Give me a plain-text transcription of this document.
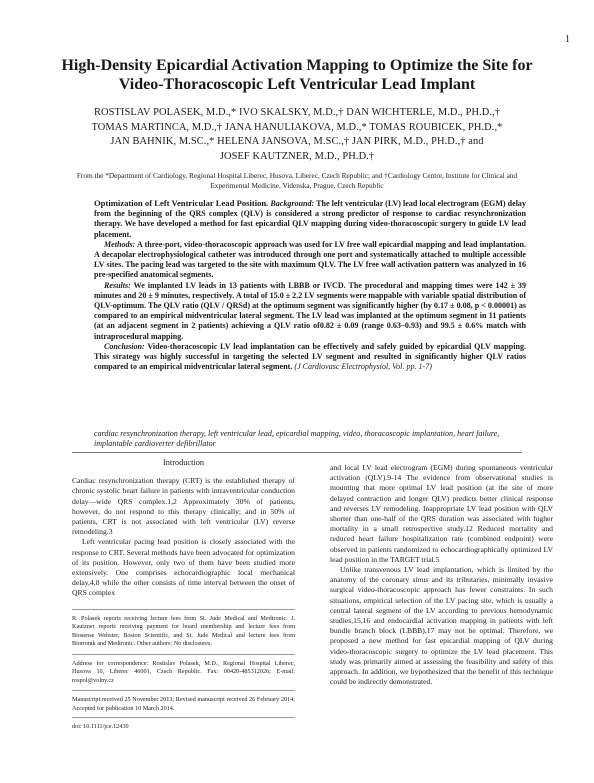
1
High-Density Epicardial Activation Mapping to Optimize the Site for Video-Thoracoscopic Left Ventricular Lead Implant
ROSTISLAV POLASEK, M.D.,* IVO SKALSKY, M.D.,† DAN WICHTERLE, M.D., PH.D.,†
TOMAS MARTINCA, M.D.,† JANA HANULIAKOVA, M.D.,* TOMAS ROUBICEK, PH.D.,*
JAN BAHNIK, M.SC.,* HELENA JANSOVA, M.SC.,† JAN PIRK, M.D., PH.D.,† and
JOSEF KAUTZNER, M.D., PH.D.†
From the *Department of Cardiology, Regional Hospital Liberec, Husova, Liberec, Czech Republic; and †Cardiology Centre, Institute for Clinical and Experimental Medicine, Videnska, Prague, Czech Republic

Optimization of Left Ventricular Lead Position. Background: The left ventricular (LV) lead local electrogram (EGM) delay from the beginning of the QRS complex (QLV) is considered a strong predictor of response to cardiac resynchronization therapy. We have developed a method for fast epicardial QLV mapping during video-thoracoscopic surgery to guide LV lead placement.

Methods: A three-port, video-thoracoscopic approach was used for LV free wall epicardial mapping and lead implantation. A decapolar electrophysiological catheter was introduced through one port and systematically attached to multiple accessible LV sites. The pacing lead was targeted to the site with maximum QLV. The LV free wall activation pattern was analyzed in 16 pre-specified anatomical segments.

Results: We implanted LV leads in 13 patients with LBBB or IVCD. The procedural and mapping times were 142 ± 39 minutes and 20 ± 9 minutes, respectively. A total of 15.0 ± 2.2 LV segments were mappable with variable spatial distribution of QLV-optimum. The QLV ratio (QLV / QRSd) at the optimum segment was significantly higher (by 0.17 ± 0.08, p < 0.00001) as compared to an empirical midventricular lateral segment. The LV lead was implanted at the optimum segment in 11 patients (at an adjacent segment in 2 patients) achieving a QLV ratio of0.82 ± 0.09 (range 0.63–0.93) and 99.5 ± 0.6% match with intraprocedural mapping.

Conclusion: Video-thoracoscopic LV lead implantation can be effectively and safely guided by epicardial QLV mapping. This strategy was highly successful in targeting the selected LV segment and resulted in significantly higher QLV ratios compared to an empirical midventricular lateral segment. (J Cardiovasc Electrophysiol, Vol. pp. 1-7)

cardiac resynchronization therapy, left ventricular lead, epicardial mapping, video, thoracoscopic implantation, heart failure, implantable cardioverter defibrillator
Introduction

Cardiac resynchronization therapy (CRT) is the established therapy of chronic systolic heart failure in patients with intraventricular conduction delay—wide QRS complex.1,2 Approximately 30% of patients, however, do not respond to this therapy clinically; and in 50% of patients, CRT is not associated with left ventricular (LV) reverse remodeling.3

Left ventricular pacing lead position is closely associated with the response to CRT. Several methods have been advocated for optimization of its position. However, only two of them have been studied more extensively. One comprises echocardiographic local mechanical delay,4,8 while the other consists of time interval between the onset of QRS complex

R. Polasek reports receiving lecture fees from St. Jude Medical and Medtronic. J. Kautzner reports receiving payment for board membership and lecture fees from Biosense Webster, Boston Scientific, and St. Jude Medical and lecture fees from Biotronik and Medtronic. Other authors: No disclosures.
Address for correspondence: Rostislav Polasek, M.D., Regional Hospital Liberec, Husova 10, Liberec 46001, Czech Republic. Fax: 00420-485312026; E-mail: rospol@volny.cz
Manuscript received 25 November 2013; Revised manuscript received 26 February 2014; Accepted for publication 10 March 2014.
doi: 10.1111/jce.12430

and local LV lead electrogram (EGM) during spontaneous ventricular activation (QLV).9-14 The evidence from observational studies is mounting that more optimal LV lead position (at the site of more delayed contraction and longer QLV) predicts better clinical response and reverses LV remodeling. Inappropriate LV lead position with QLV shorter than one-half of the QRS duration was associated with higher mortality in a small retrospective study.12 Reduced mortality and reduced heart failure hospitalization rate (combined endpoint) were observed in patients randomized to echocardiographically optimized LV lead position in the TARGET trial.5

Unlike transvenous LV lead implantation, which is limited by the anatomy of the coronary sinus and its tributaries, minimally invasive surgical video-thoracoscopic approach has fewer constraints. In such situations, empirical selection of the LV pacing site, which is usually a central lateral segment of the LV according to previous hemodynamic studies,15,16 and endocardial activation mapping in patients with left bundle branch block (LBBB),17 may not be optimal. Therefore, we proposed a new method for fast epicardial mapping of QLV during video-thoracoscopic surgery to optimize the LV lead placement. This study was primarily aimed at assessing the feasibility and safety of this approach. In addition, we hypothesized that the benefit of this technique could be indirectly demonstrated.
